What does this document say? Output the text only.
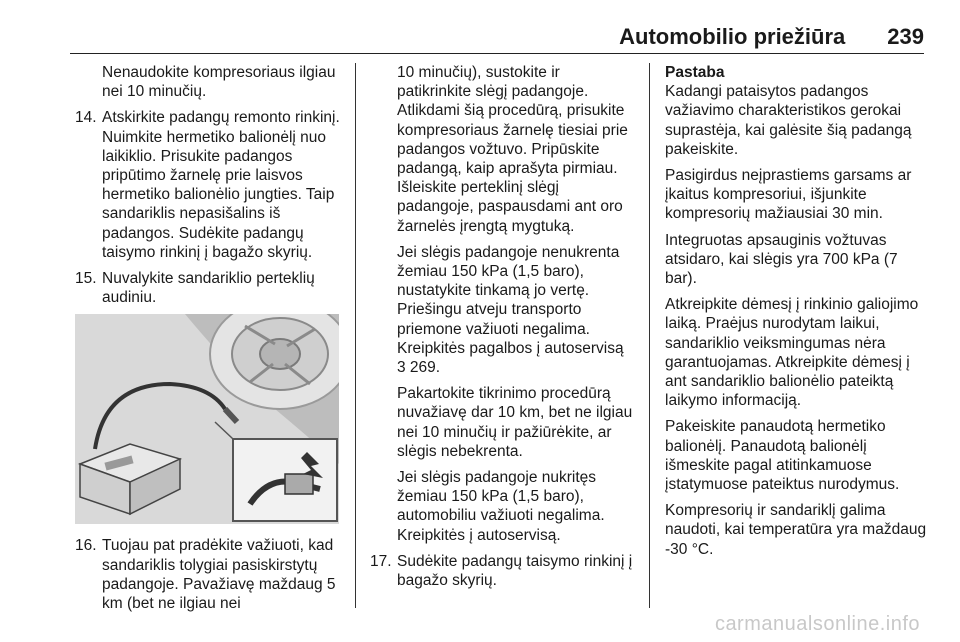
Automobilio priežiūra 239

Nenaudokite kompresoriaus ilgiau nei 10 minučių.

14. Atskirkite padangų remonto rinkinį. Nuimkite hermetiko balionėlį nuo laikiklio. Prisukite padangos pripūtimo žarnelę prie laisvos hermetiko balionėlio jungties. Taip sandariklis nepasišalins iš padangos. Sudėkite padangų taisymo rinkinį į bagažo skyrių.
15. Nuvalykite sandariklio perteklių audiniu.
16. Tuojau pat pradėkite važiuoti, kad sandariklis tolygiai pasiskirstytų padangoje. Pavažiavę maždaug 5 km (bet ne ilgiau nei

10 minučių), sustokite ir patikrinkite slėgį padangoje. Atlikdami šią procedūrą, prisukite kompresoriaus žarnelę tiesiai prie padangos vožtuvo. Pripūskite padangą, kaip aprašyta pirmiau. Išleiskite perteklinį slėgį padangoje, paspausdami ant oro žarnelės įrengtą mygtuką.

Jei slėgis padangoje nenukrenta žemiau 150 kPa (1,5 baro), nustatykite tinkamą jo vertę. Priešingu atveju transporto priemone važiuoti negalima. Kreipkitės pagalbos į autoservisą
3 269.

Pakartokite tikrinimo procedūrą nuvažiavę dar 10 km, bet ne ilgiau nei 10 minučių ir pažiūrėkite, ar slėgis nebekrenta.

Jei slėgis padangoje nukritęs žemiau 150 kPa (1,5 baro), automobiliu važiuoti negalima. Kreipkitės į autoservisą.

17. Sudėkite padangų taisymo rinkinį į bagažo skyrių.

Pastaba

Kadangi pataisytos padangos važiavimo charakteristikos gerokai suprastėja, kai galėsite šią padangą pakeiskite.

Pasigirdus neįprastiems garsams ar įkaitus kompresoriui, išjunkite kompresorių mažiausiai 30 min.

Integruotas apsauginis vožtuvas atsidaro, kai slėgis yra 700 kPa (7 bar).

Atkreipkite dėmesį į rinkinio galiojimo laiką. Praėjus nurodytam laikui, sandariklio veiksmingumas nėra garantuojamas. Atkreipkite dėmesį į ant sandariklio balionėlio pateiktą laikymo informaciją.

Pakeiskite panaudotą hermetiko balionėlį. Panaudotą balionėlį išmeskite pagal atitinkamuose įstatymuose pateiktus nurodymus.

Kompresorių ir sandariklį galima naudoti, kai temperatūra yra maždaug -30 °C.

carmanualsonline.info
